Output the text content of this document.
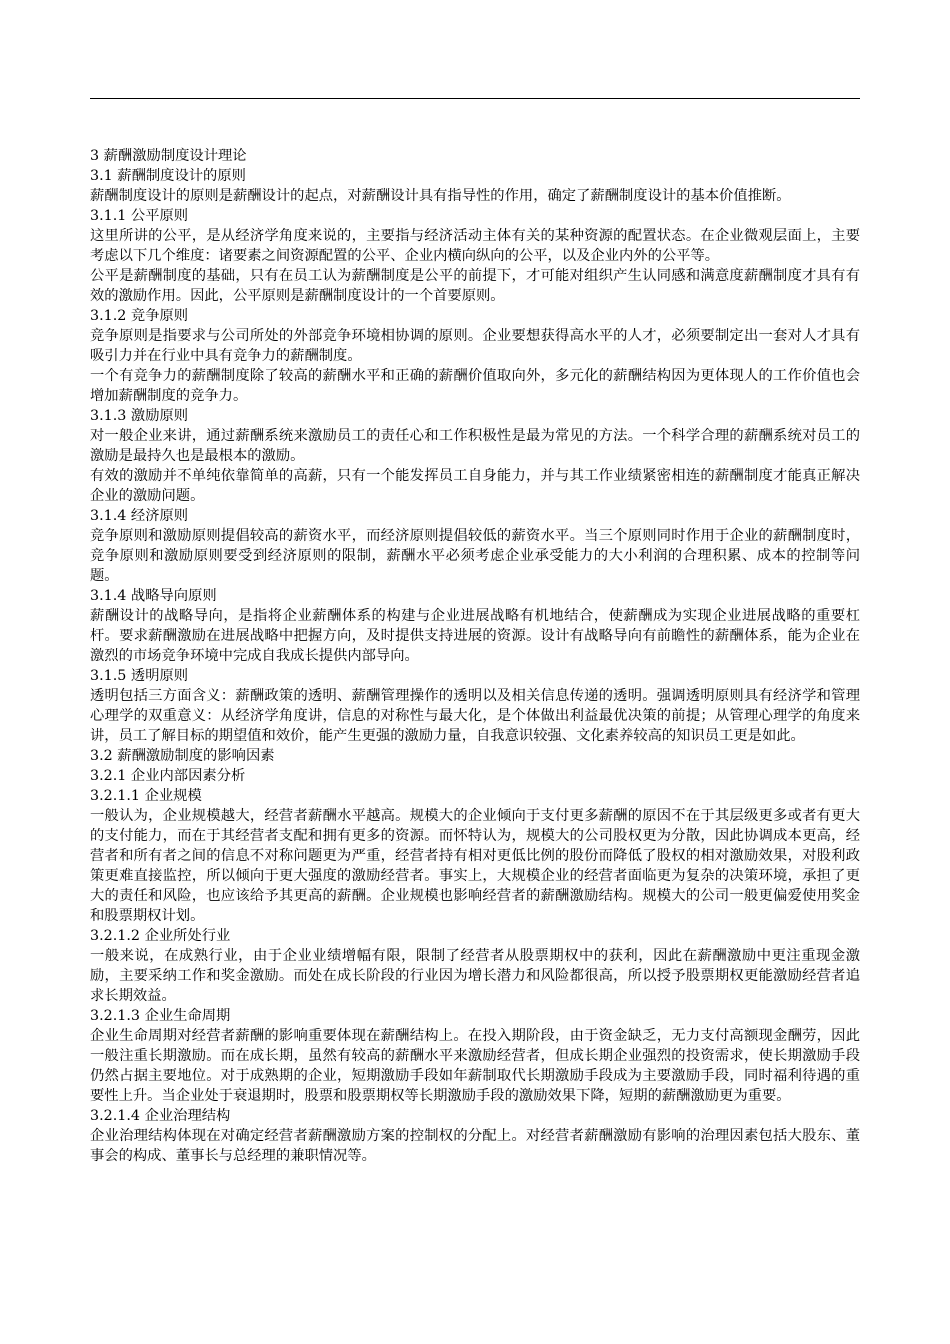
3 薪酬激励制度设计理论
3.1 薪酬制度设计的原则

薪酬制度设计的原则是薪酬设计的起点，对薪酬设计具有指导性的作用，确定了薪酬制度设计的基本价值推断。

3.1.1 公平原则

这里所讲的公平，是从经济学角度来说的，主要指与经济活动主体有关的某种资源的配置状态。在企业微观层面上，主要考虑以下几个维度：诸要素之间资源配置的公平、企业内横向纵向的公平，以及企业内外的公平等。

公平是薪酬制度的基础，只有在员工认为薪酬制度是公平的前提下，才可能对组织产生认同感和满意度薪酬制度才具有有效的激励作用。因此，公平原则是薪酬制度设计的一个首要原则。

3.1.2 竞争原则

竞争原则是指要求与公司所处的外部竞争环境相协调的原则。企业要想获得高水平的人才，必须要制定出一套对人才具有吸引力并在行业中具有竞争力的薪酬制度。

一个有竞争力的薪酬制度除了较高的薪酬水平和正确的薪酬价值取向外，多元化的薪酬结构因为更体现人的工作价值也会增加薪酬制度的竞争力。

3.1.3 激励原则

对一般企业来讲，通过薪酬系统来激励员工的责任心和工作积极性是最为常见的方法。一个科学合理的薪酬系统对员工的激励是最持久也是最根本的激励。

有效的激励并不单纯依靠简单的高薪，只有一个能发挥员工自身能力，并与其工作业绩紧密相连的薪酬制度才能真正解决企业的激励问题。

3.1.4 经济原则

竞争原则和激励原则提倡较高的薪资水平，而经济原则提倡较低的薪资水平。当三个原则同时作用于企业的薪酬制度时，竞争原则和激励原则要受到经济原则的限制，薪酬水平必须考虑企业承受能力的大小利润的合理积累、成本的控制等问题。

3.1.4 战略导向原则

薪酬设计的战略导向，是指将企业薪酬体系的构建与企业进展战略有机地结合，使薪酬成为实现企业进展战略的重要杠杆。要求薪酬激励在进展战略中把握方向，及时提供支持进展的资源。设计有战略导向有前瞻性的薪酬体系，能为企业在激烈的市场竞争环境中完成自我成长提供内部导向。

3.1.5 透明原则

透明包括三方面含义：薪酬政策的透明、薪酬管理操作的透明以及相关信息传递的透明。强调透明原则具有经济学和管理心理学的双重意义：从经济学角度讲，信息的对称性与最大化，是个体做出利益最优决策的前提；从管理心理学的角度来讲，员工了解目标的期望值和效价，能产生更强的激励力量，自我意识较强、文化素养较高的知识员工更是如此。

3.2 薪酬激励制度的影响因素
3.2.1 企业内部因素分析
3.2.1.1 企业规模

一般认为，企业规模越大，经营者薪酬水平越高。规模大的企业倾向于支付更多薪酬的原因不在于其层级更多或者有更大的支付能力，而在于其经营者支配和拥有更多的资源。而怀特认为，规模大的公司股权更为分散，因此协调成本更高，经营者和所有者之间的信息不对称问题更为严重，经营者持有相对更低比例的股份而降低了股权的相对激励效果，对股利政策更难直接监控，所以倾向于更大强度的激励经营者。事实上，大规模企业的经营者面临更为复杂的决策环境，承担了更大的责任和风险，也应该给予其更高的薪酬。企业规模也影响经营者的薪酬激励结构。规模大的公司一般更偏爱使用奖金和股票期权计划。

3.2.1.2 企业所处行业

一般来说，在成熟行业，由于企业业绩增幅有限，限制了经营者从股票期权中的获利，因此在薪酬激励中更注重现金激励，主要采纳工作和奖金激励。而处在成长阶段的行业因为增长潜力和风险都很高，所以授予股票期权更能激励经营者追求长期效益。

3.2.1.3 企业生命周期

企业生命周期对经营者薪酬的影响重要体现在薪酬结构上。在投入期阶段，由于资金缺乏，无力支付高额现金酬劳，因此一般注重长期激励。而在成长期，虽然有较高的薪酬水平来激励经营者，但成长期企业强烈的投资需求，使长期激励手段仍然占据主要地位。对于成熟期的企业，短期激励手段如年薪制取代长期激励手段成为主要激励手段，同时福利待遇的重要性上升。当企业处于衰退期时，股票和股票期权等长期激励手段的激励效果下降，短期的薪酬激励更为重要。

3.2.1.4 企业治理结构

企业治理结构体现在对确定经营者薪酬激励方案的控制权的分配上。对经营者薪酬激励有影响的治理因素包括大股东、董事会的构成、董事长与总经理的兼职情况等。
